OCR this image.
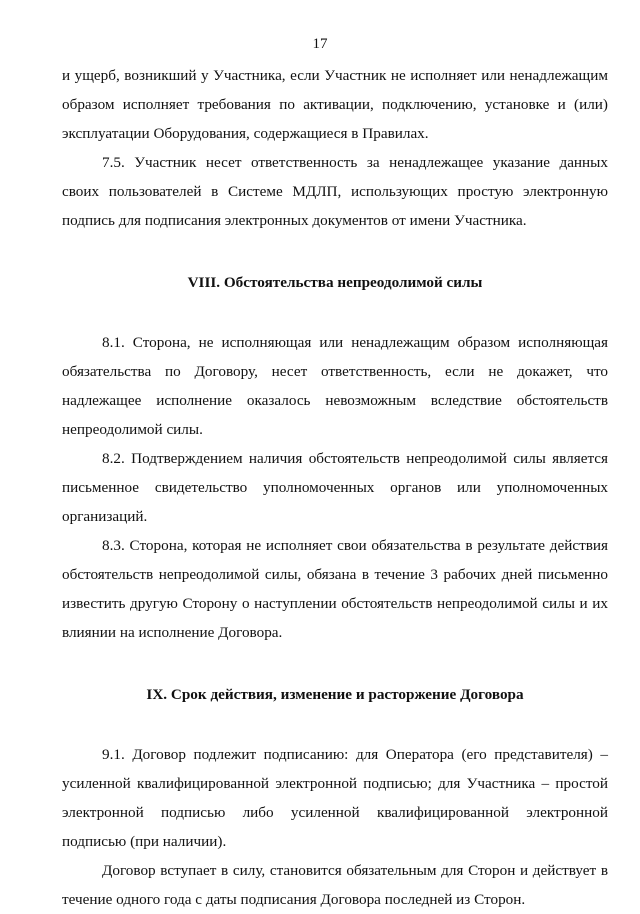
17

и ущерб, возникший у Участника, если Участник не исполняет или ненадлежащим образом исполняет требования по активации, подключению, установке и (или) эксплуатации Оборудования, содержащиеся в Правилах.

7.5. Участник несет ответственность за ненадлежащее указание данных своих пользователей в Системе МДЛП, использующих простую электронную подпись для подписания электронных документов от имени Участника.

VIII. Обстоятельства непреодолимой силы

8.1. Сторона, не исполняющая или ненадлежащим образом исполняющая обязательства по Договору, несет ответственность, если не докажет, что надлежащее исполнение оказалось невозможным вследствие обстоятельств непреодолимой силы.

8.2. Подтверждением наличия обстоятельств непреодолимой силы является письменное свидетельство уполномоченных органов или уполномоченных организаций.

8.3. Сторона, которая не исполняет свои обязательства в результате действия обстоятельств непреодолимой силы, обязана в течение 3 рабочих дней письменно известить другую Сторону о наступлении обстоятельств непреодолимой силы и их влиянии на исполнение Договора.

IX. Срок действия, изменение и расторжение Договора

9.1. Договор подлежит подписанию: для Оператора (его представителя) – усиленной квалифицированной электронной подписью; для Участника – простой электронной подписью либо усиленной квалифицированной электронной подписью (при наличии).

Договор вступает в силу, становится обязательным для Сторон и действует в течение одного года с даты подписания Договора последней из Сторон.
